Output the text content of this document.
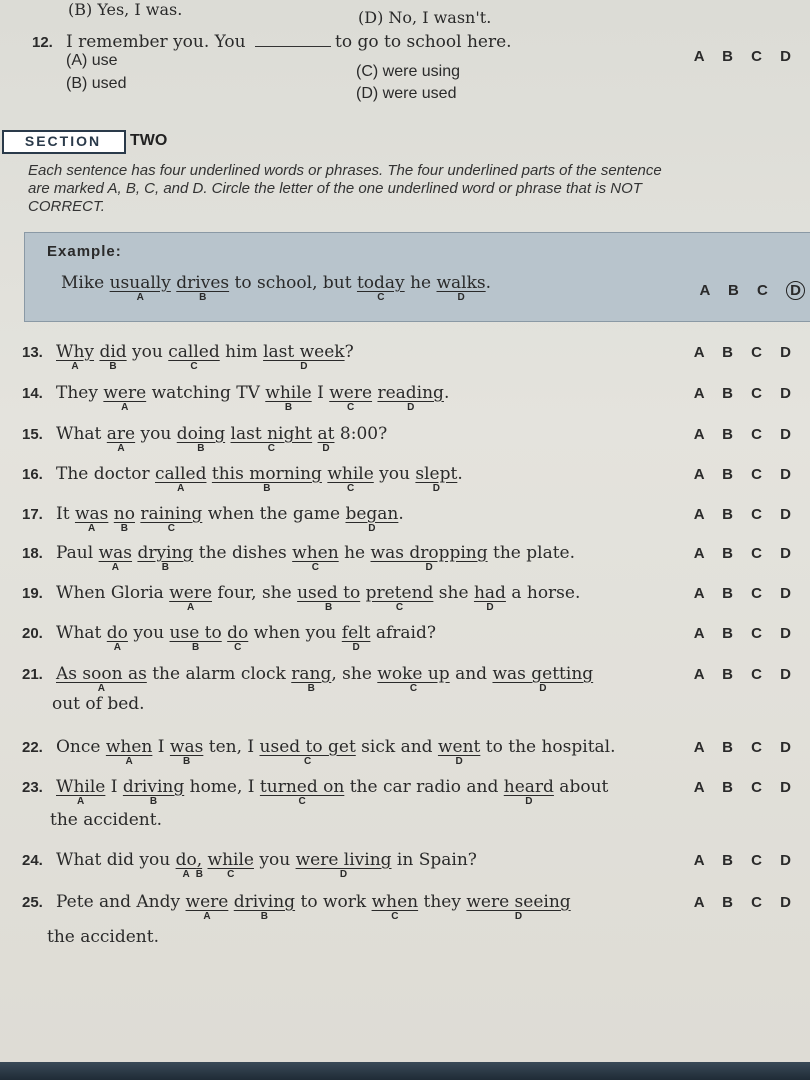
(B) Yes, I was.	(D) No, I wasn't.
12. I remember you. You	to go to school here.
(A) use
(B) used
(C) were using
(D) were used
A B C D
SECTION	TWO
Each sentence has four underlined words or phrases. The four underlined parts of the sentence are marked A, B, C, and D. Circle the letter of the one underlined word or phrase that is NOT CORRECT.
Example:
Mike usually
A
drives
B
to school, but today
C
he walks
D
.	A B C D
13. Why
A
did
B
you called
C
him last week
D
?	A B C D
14. They were
A
watching TV while
B
I were
C
reading
D
.	A B C D
15. What are
A
you doing
B
last night
C
at
D
8:00?	A B C D
16. The doctor called
A
this morning
B
while
C
you slept
D
.	A B C D
17. It was
A
no
B
raining
C
when the game began
D
.	A B C D
18. Paul was
A
drying
B
the dishes when
C
he was dropping
D
the plate.	A B C D
19. When Gloria were
A
four, she used to
B
pretend
C
she had
D
a horse.	A B C D
20. What do
A
you use to
B
do
C
when you felt
D
afraid?	A B C D
21. As soon as
A
the alarm clock rang
B
, she woke up
C
and was getting
D
out of bed.
A B C D
22. Once when
A
I was
B
ten, I used to get
C
sick and went
D
to the hospital.	A B C D
23. While
A
I driving
B
home, I turned on
C
the car radio and heard
D
about
the accident.
A B C D
24. What did you do
A
,
B
while
C
you were living
D
in Spain?	A B C D
25. Pete and Andy were
A
driving
B
to work when
C
they were seeing
D
the accident.
A B C D
